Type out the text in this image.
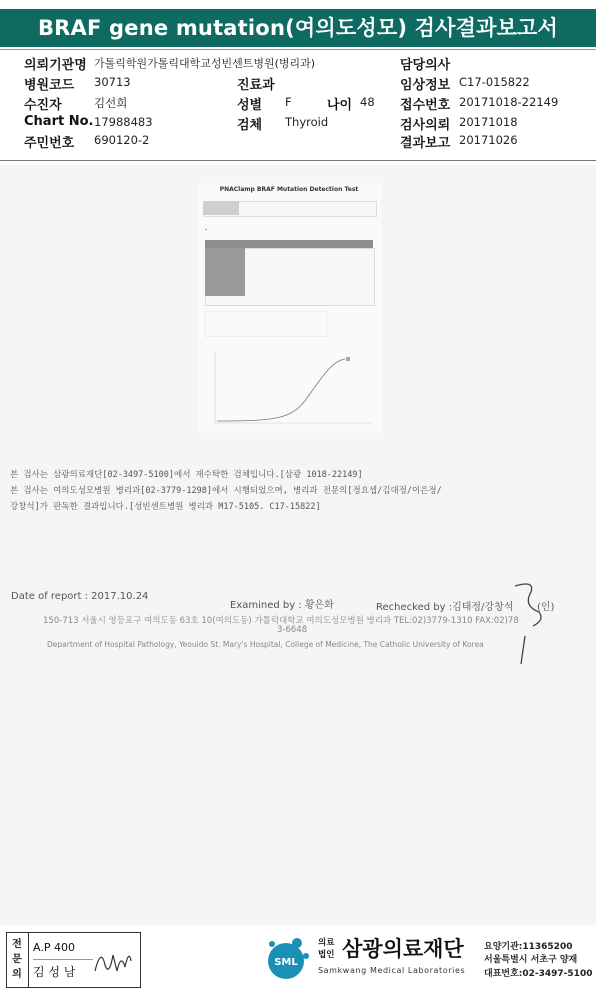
BRAF gene mutation(여의도성모) 검사결과보고서
의뢰기관명 가톨릭학원가톨릭대학교성빈센트병원(병리과)	담당의사
병원코드 30713	진료과	임상정보 C17-015822
수진자	김선희	성별 F	나이 48 접수번호 20171018-22149
Chart No. 17988483	검체 Thyroid	검사의뢰 20171018
주민번호 690120-2	결과보고 20171026
PNAClamp BRAF Mutation Detection Test
•
본 검사는 삼광의료재단[02-3497-5100]에서 재수탁한 검체입니다.[삼광 1018-22149]
본 검사는 여의도성모병원 병리과[02-3779-1298]에서 시행되었으며, 병리과 전문의[정요셉/김대정/이은정/
강창석]가 판독한 결과입니다.[성빈센트병원 병리과 M17-5105. C17-15822]
Date of report : 2017.10.24
Examined by : 황은화	Rechecked by :김태정/강창석 (인)
150-713 서울시 영등포구 여의도동 63호 10(여의도동) 가톨릭대학교 여의도성모병원 병리과 TEL:02)3779-1310 FAX:02)78
3-6648
Department of Hospital Pathology, Yeouido St. Mary's Hospital, College of Medicine, The Catholic University of Korea
전
문
의
A.P 400
김 성 남
SML
의료
법인 삼광의료재단
Samkwang Medical Laboratories
요양기관:11365200
서울특별시 서초구 양재
대표번호:02-3497-5100
